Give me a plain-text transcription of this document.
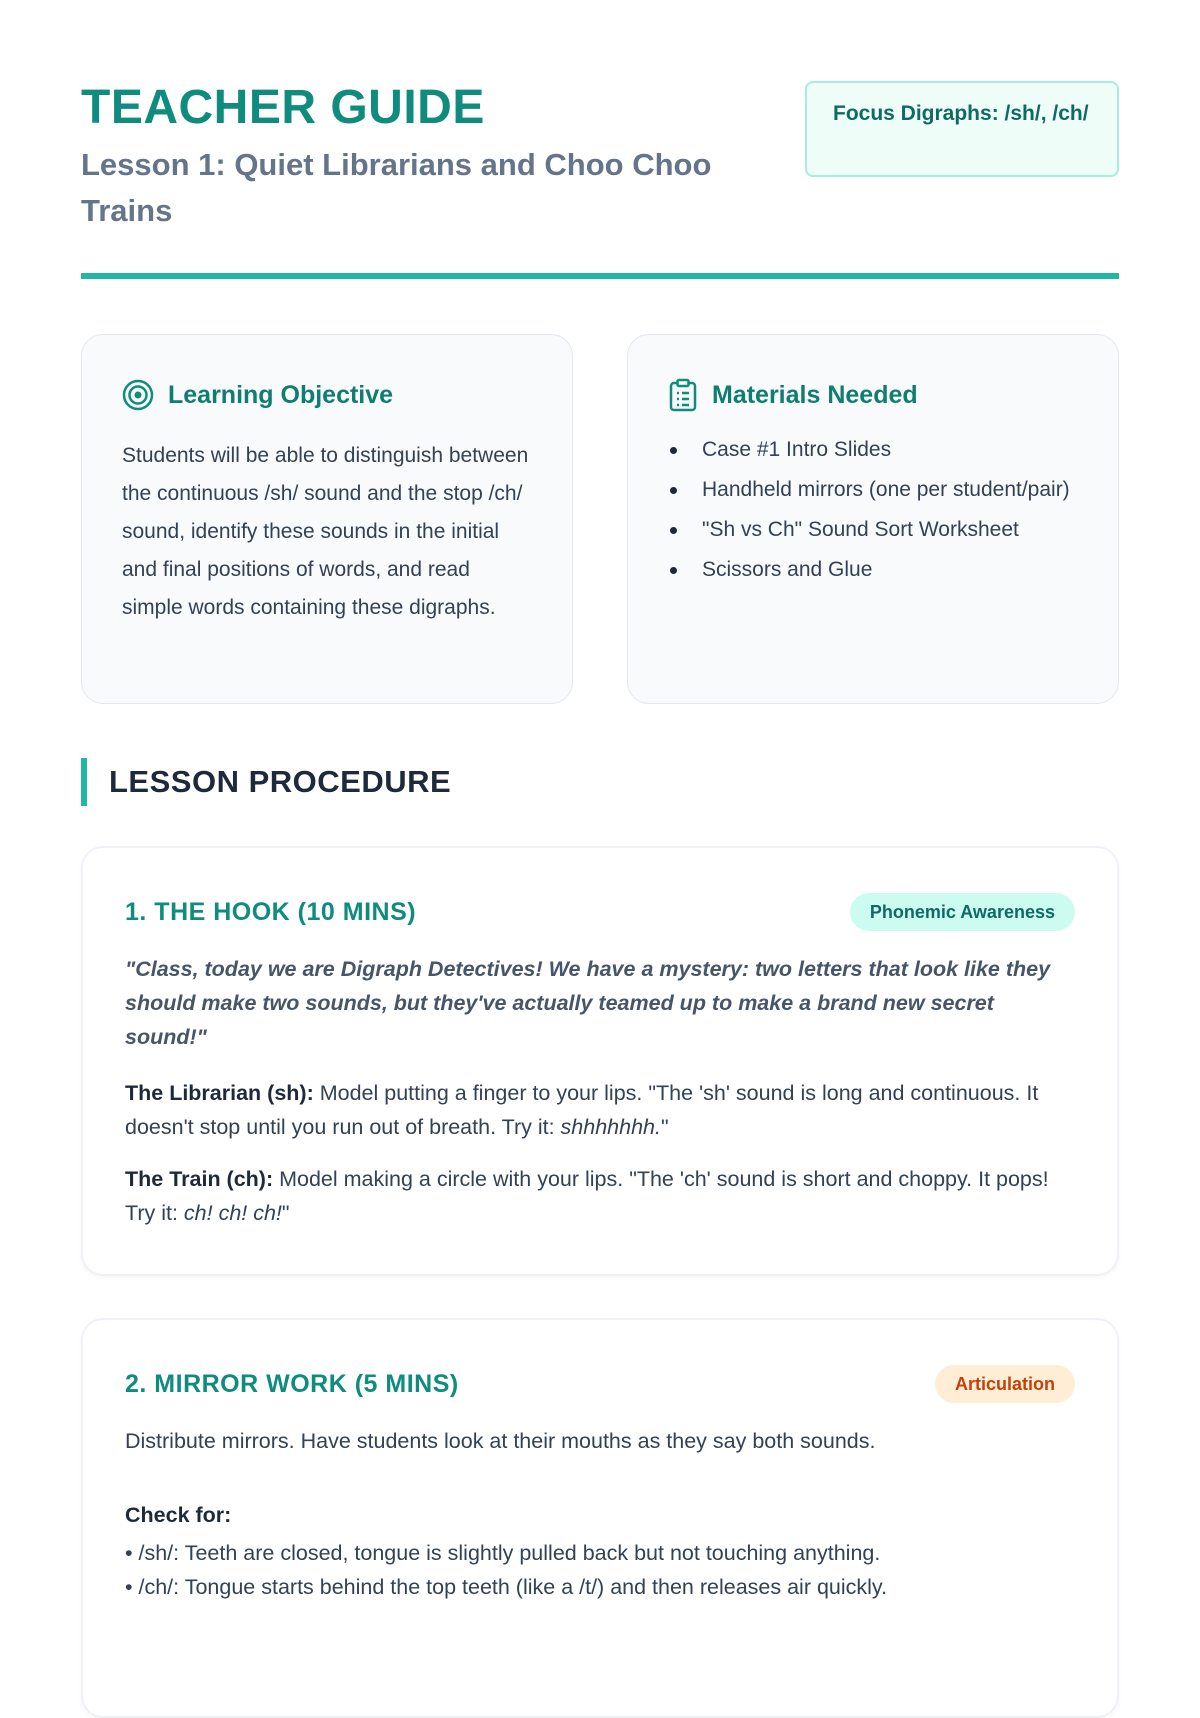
TEACHER GUIDE
Lesson 1: Quiet Librarians and Choo Choo Trains
Focus Digraphs: /sh/, /ch/
Learning Objective

Students will be able to distinguish between the continuous /sh/ sound and the stop /ch/ sound, identify these sounds in the initial and final positions of words, and read simple words containing these digraphs.

Materials Needed
Case #1 Intro Slides
Handheld mirrors (one per student/pair)
"Sh vs Ch" Sound Sort Worksheet
Scissors and Glue
LESSON PROCEDURE
1. THE HOOK (10 MINS)	Phonemic Awareness

"Class, today we are Digraph Detectives! We have a mystery: two letters that look like they should make two sounds, but they've actually teamed up to make a brand new secret sound!"

The Librarian (sh): Model putting a finger to your lips. "The 'sh' sound is long and continuous. It doesn't stop until you run out of breath. Try it: shhhhhhh."

The Train (ch): Model making a circle with your lips. "The 'ch' sound is short and choppy. It pops! Try it: ch! ch! ch!"

2. MIRROR WORK (5 MINS)	Articulation

Distribute mirrors. Have students look at their mouths as they say both sounds.

Check for:

• /sh/: Teeth are closed, tongue is slightly pulled back but not touching anything.
• /ch/: Tongue starts behind the top teeth (like a /t/) and then releases air quickly.
